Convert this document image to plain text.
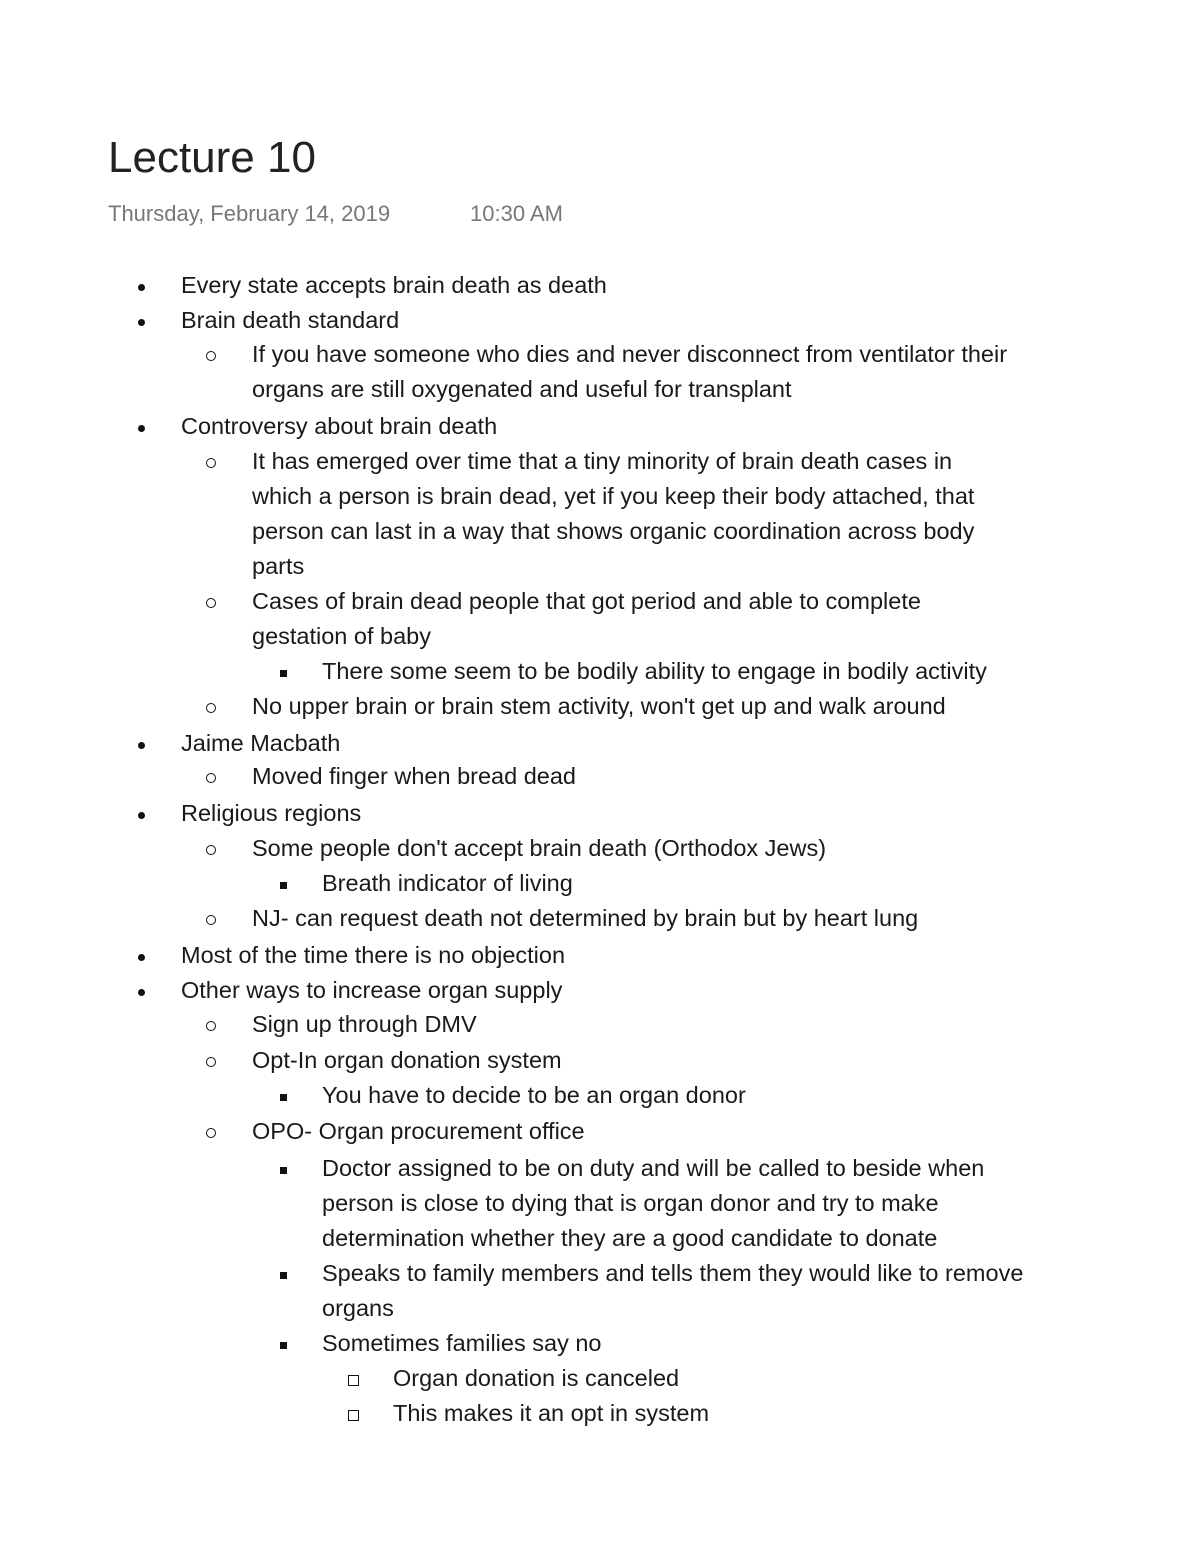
Lecture 10
Thursday, February 14, 2019	10:30 AM
Every state accepts brain death as death
Brain death standard
If you have someone who dies and never disconnect from ventilator their
organs are still oxygenated and useful for transplant
Controversy about brain death
It has emerged over time that a tiny minority of brain death cases in
which a person is brain dead, yet if you keep their body attached, that
person can last in a way that shows organic coordination across body
parts
Cases of brain dead people that got period and able to complete
gestation of baby
There some seem to be bodily ability to engage in bodily activity
No upper brain or brain stem activity, won't get up and walk around
Jaime Macbath
Moved finger when bread dead
Religious regions
Some people don't accept brain death (Orthodox Jews)
Breath indicator of living
NJ- can request death not determined by brain but by heart lung
Most of the time there is no objection
Other ways to increase organ supply
Sign up through DMV
Opt-In organ donation system
You have to decide to be an organ donor
OPO- Organ procurement office
Doctor assigned to be on duty and will be called to beside when
person is close to dying that is organ donor and try to make
determination whether they are a good candidate to donate
Speaks to family members and tells them they would like to remove
organs
Sometimes families say no
Organ donation is canceled
This makes it an opt in system
